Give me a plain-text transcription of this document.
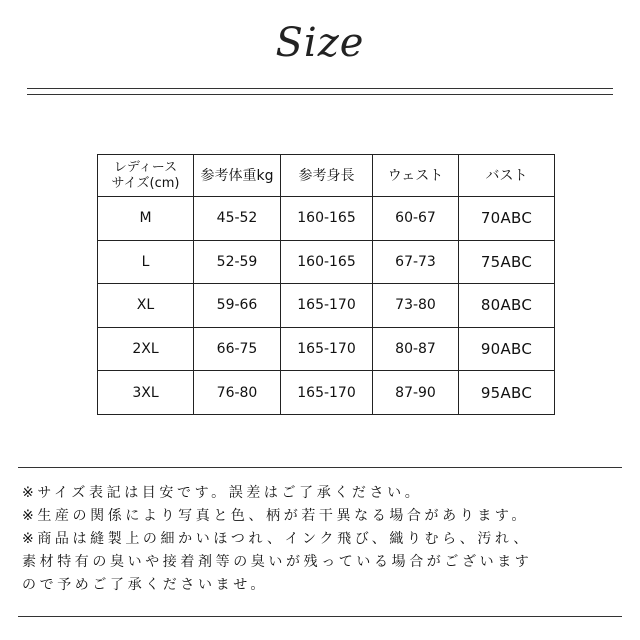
Size
レディース
サイズ(cm)	参考体重kg	参考身長	ウェスト	バスト
M	45-52	160-165	60-67	70ABC
L	52-59	160-165	67-73	75ABC
XL	59-66	165-170	73-80	80ABC
2XL	66-75	165-170	80-87	90ABC
3XL	76-80	165-170	87-90	95ABC
※サイズ表記は目安です。誤差はご了承ください。
※生産の関係により写真と色、柄が若干異なる場合があります。
※商品は縫製上の細かいほつれ、インク飛び、織りむら、汚れ、
素材特有の臭いや接着剤等の臭いが残っている場合がございます
ので予めご了承くださいませ。
